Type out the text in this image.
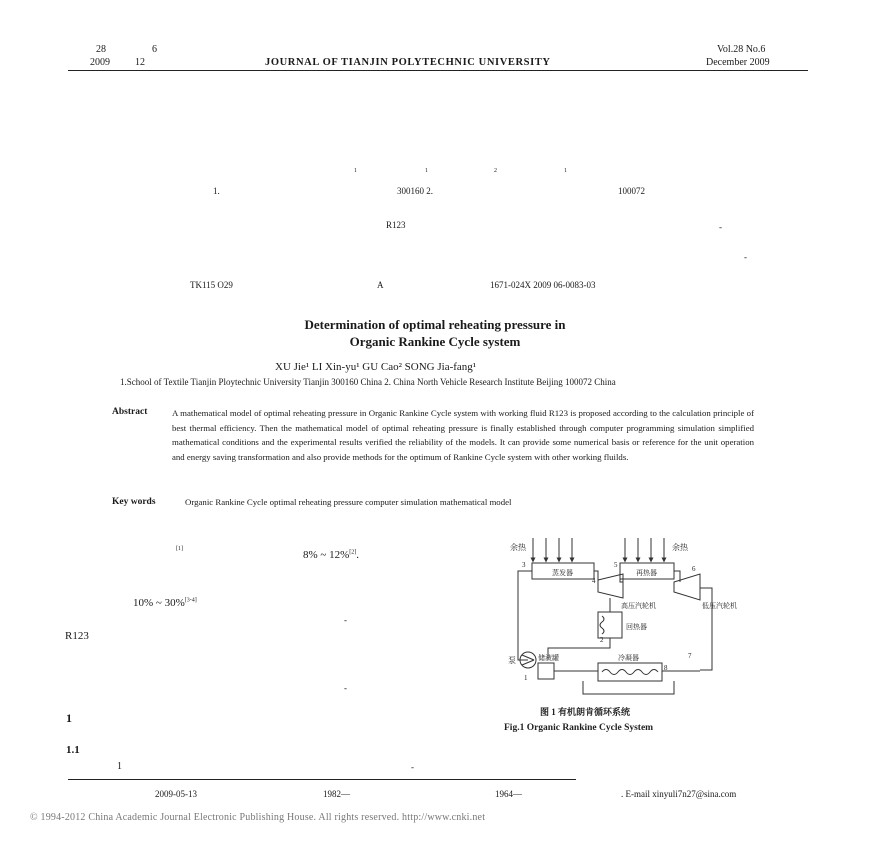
28	6
2009	12	JOURNAL OF TIANJIN POLYTECHNIC UNIVERSITY
Vol.28 No.6
December 2009
1	1	2	1
1.	300160 2.	100072
R123	-
-
TK115 O29	A	1671-024X 2009 06-0083-03
Determination of optimal reheating pressure in
Organic Rankine Cycle system
XU Jie¹ LI Xin-yu¹ GU Cao² SONG Jia-fang¹
1.School of Textile Tianjin Ploytechnic University Tianjin 300160 China 2. China North Vehicle Research Institute Beijing 100072 China
Abstract	A mathematical model of optimal reheating pressure in Organic Rankine Cycle system with working fluid R123 is proposed according to the calculation principle of best thermal efficiency. Then the mathematical model of optimal reheating pressure is finally established through computer programming simulation simplified mathematical conditions and the experimental results verified the reliability of the models. It can provide some numerical basis or reference for the unit operation and energy saving transformation and also provide methods for the optimum of Rankine Cycle system with other working fluilds.
Key words	Organic Rankine Cycle optimal reheating pressure computer simulation mathematical model
[1]	8% ~ 12%[2].
10% ~ 30%[3-4]
-
R123
-
1
1.1
1	-
余热	余热
蒸发器	再热器
高压汽轮机	低压汽轮机
回热器
泵	储液罐	冷凝器
3
4
5	6
2
1
7
8
图 1 有机朗肯循环系统
Fig.1 Organic Rankine Cycle System
2009-05-13	1982—	1964—	. E-mail xinyuli7n27@sina.com
© 1994-2012 China Academic Journal Electronic Publishing House. All rights reserved. http://www.cnki.net
